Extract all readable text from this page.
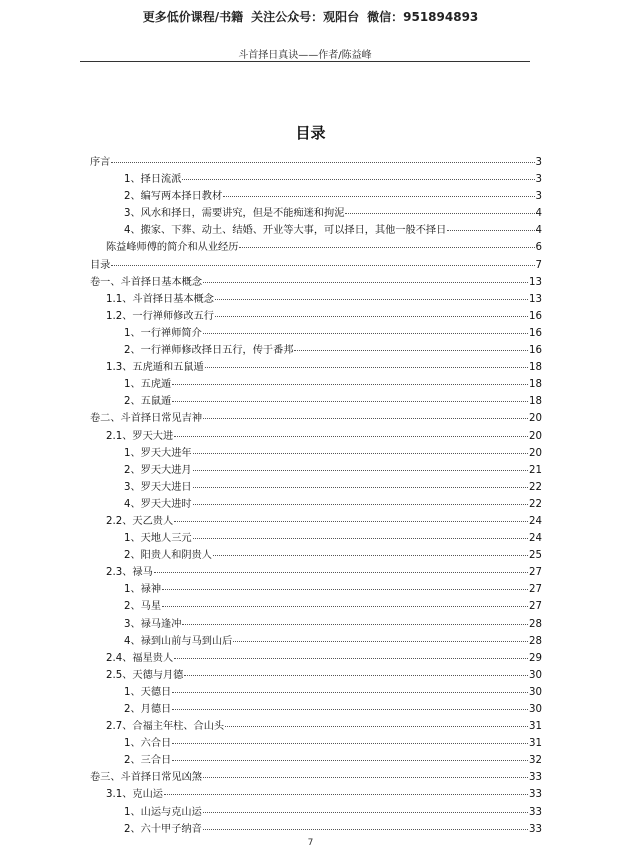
更多低价课程/书籍 关注公众号：观阳台 微信：951894893
斗首择日真诀——作者/陈益峰
目录
序言	3
1、择日流派	3
2、编写两本择日教材	3
3、风水和择日，需要讲究，但是不能痴迷和拘泥	4
4、搬家、下葬、动土、结婚、开业等大事，可以择日，其他一般不择日	4
陈益峰师傅的简介和从业经历	6
目录	7
卷一、斗首择日基本概念	13
1.1、斗首择日基本概念	13
1.2、一行禅师修改五行	16
1、一行禅师简介	16
2、一行禅师修改择日五行，传于番邦	16
1.3、五虎遁和五鼠遁	18
1、五虎遁	18
2、五鼠遁	18
卷二、斗首择日常见吉神	20
2.1、罗天大进	20
1、罗天大进年	20
2、罗天大进月	21
3、罗天大进日	22
4、罗天大进时	22
2.2、天乙贵人	24
1、天地人三元	24
2、阳贵人和阴贵人	25
2.3、禄马	27
1、禄神	27
2、马星	27
3、禄马逢冲	28
4、禄到山前与马到山后	28
2.4、福星贵人	29
2.5、天德与月德	30
1、天德日	30
2、月德日	30
2.7、合福主年柱、合山头	31
1、六合日	31
2、三合日	32
卷三、斗首择日常见凶煞	33
3.1、克山运	33
1、山运与克山运	33
2、六十甲子纳音	33
7
